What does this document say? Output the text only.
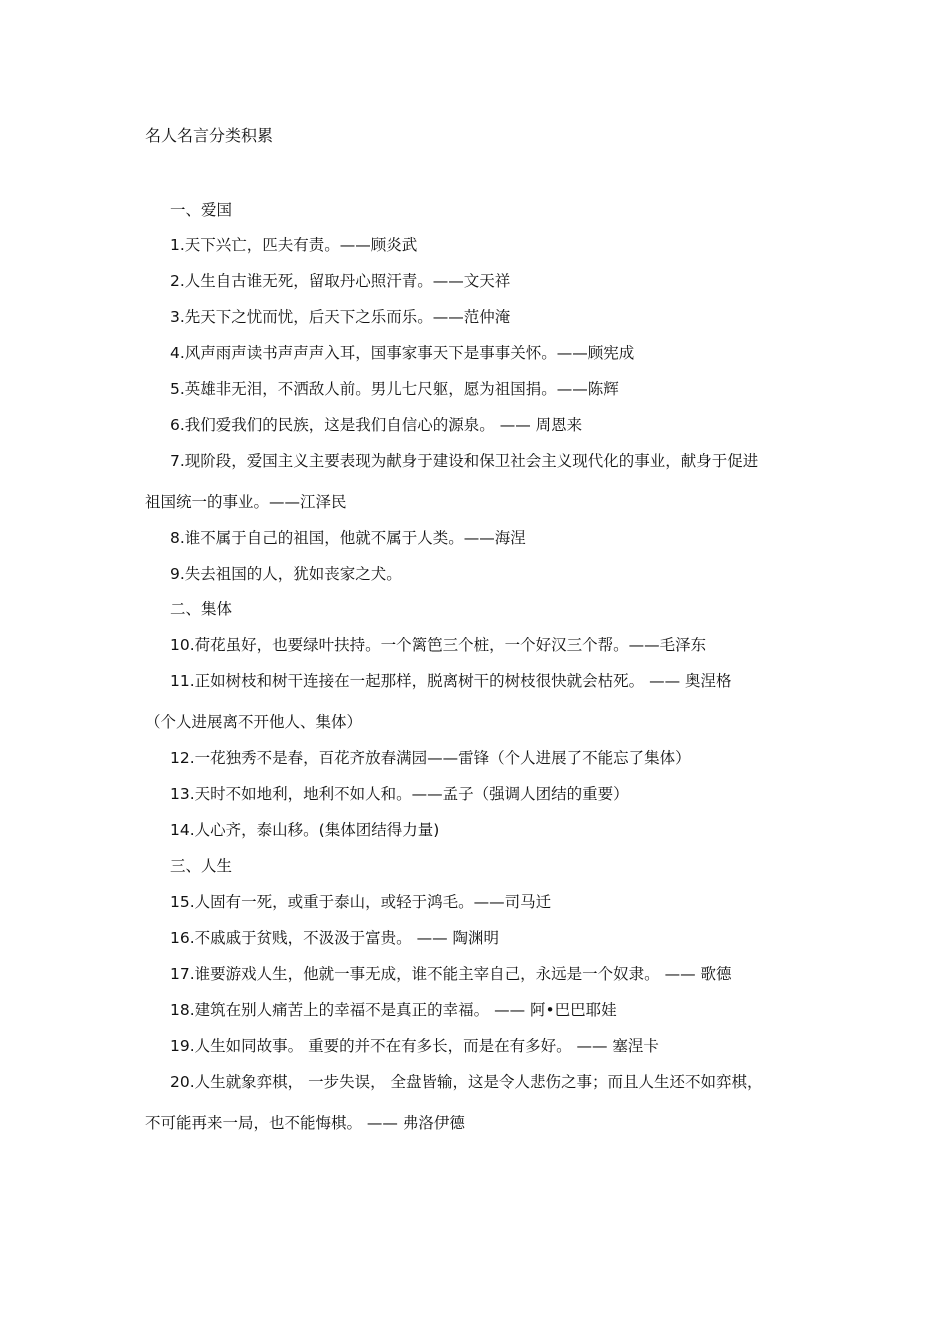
名人名言分类积累
一、爱国
1.天下兴亡，匹夫有责。——顾炎武
2.人生自古谁无死，留取丹心照汗青。——文天祥
3.先天下之忧而忧，后天下之乐而乐。——范仲淹
4.风声雨声读书声声声入耳，国事家事天下是事事关怀。——顾宪成
5.英雄非无泪，不洒敌人前。男儿七尺躯，愿为祖国捐。——陈辉
6.我们爱我们的民族，这是我们自信心的源泉。 —— 周恩来
7.现阶段，爱国主义主要表现为献身于建设和保卫社会主义现代化的事业，献身于促进
祖国统一的事业。——江泽民
8.谁不属于自己的祖国，他就不属于人类。——海涅
9.失去祖国的人，犹如丧家之犬。
二、集体
10.荷花虽好，也要绿叶扶持。一个篱笆三个桩，一个好汉三个帮。——毛泽东
11.正如树枝和树干连接在一起那样，脱离树干的树枝很快就会枯死。 —— 奥涅格
（个人进展离不开他人、集体）
12.一花独秀不是春，百花齐放春满园——雷锋（个人进展了不能忘了集体）
13.天时不如地利，地利不如人和。——孟子（强调人团结的重要）
14.人心齐，泰山移。(集体团结得力量)
三、人生
15.人固有一死，或重于泰山，或轻于鸿毛。——司马迁
16.不戚戚于贫贱，不汲汲于富贵。 —— 陶渊明
17.谁要游戏人生，他就一事无成，谁不能主宰自己，永远是一个奴隶。 —— 歌德
18.建筑在别人痛苦上的幸福不是真正的幸福。 —— 阿•巴巴耶娃
19.人生如同故事。 重要的并不在有多长，而是在有多好。 —— 塞涅卡
20.人生就象弈棋， 一步失误， 全盘皆输，这是令人悲伤之事；而且人生还不如弈棋，
不可能再来一局，也不能悔棋。 —— 弗洛伊德
